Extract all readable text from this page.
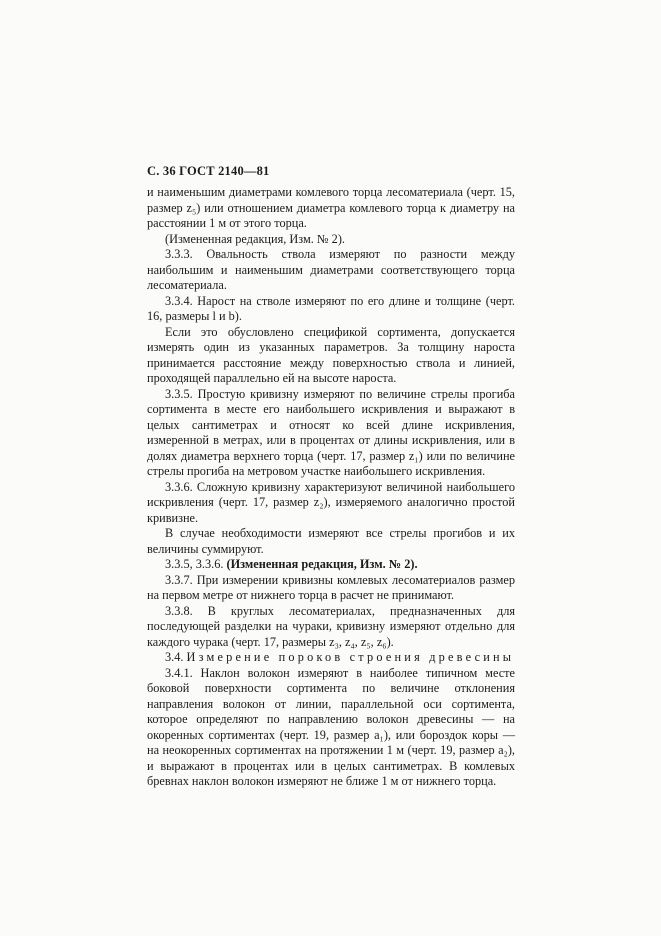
С. 36 ГОСТ 2140—81

и наименьшим диаметрами комлевого торца лесоматериала (черт. 15, размер z₅) или отношением диаметра комлевого торца к диаметру на расстоянии 1 м от этого торца.

(Измененная редакция, Изм. № 2).

3.3.3. Овальность ствола измеряют по разности между наибольшим и наименьшим диаметрами соответствующего торца лесоматериала.

3.3.4. Нарост на стволе измеряют по его длине и толщине (черт. 16, размеры l и b).

Если это обусловлено спецификой сортимента, допускается измерять один из указанных параметров. За толщину нароста принимается расстояние между поверхностью ствола и линией, проходящей параллельно ей на высоте нароста.

3.3.5. Простую кривизну измеряют по величине стрелы прогиба сортимента в месте его наибольшего искривления и выражают в целых сантиметрах и относят ко всей длине искривления, измеренной в метрах, или в процентах от длины искривления, или в долях диаметра верхнего торца (черт. 17, размер z₁) или по величине стрелы прогиба на метровом участке наибольшего искривления.

3.3.6. Сложную кривизну характеризуют величиной наибольшего искривления (черт. 17, размер z₂), измеряемого аналогично простой кривизне.

В случае необходимости измеряют все стрелы прогибов и их величины суммируют.

3.3.5, 3.3.6. (Измененная редакция, Изм. № 2).

3.3.7. При измерении кривизны комлевых лесоматериалов размер на первом метре от нижнего торца в расчет не принимают.

3.3.8. В круглых лесоматериалах, предназначенных для последующей разделки на чураки, кривизну измеряют отдельно для каждого чурака (черт. 17, размеры z₃, z₄, z₅, z₆).

3.4. Измерение пороков строения древесины

3.4.1. Наклон волокон измеряют в наиболее типичном месте боковой поверхности сортимента по величине отклонения направления волокон от линии, параллельной оси сортимента, которое определяют по направлению волокон древесины — на окоренных сортиментах (черт. 19, размер a₁), или бороздок коры — на неокоренных сортиментах на протяжении 1 м (черт. 19, размер a₂), и выражают в процентах или в целых сантиметрах. В комлевых бревнах наклон волокон измеряют не ближе 1 м от нижнего торца.
